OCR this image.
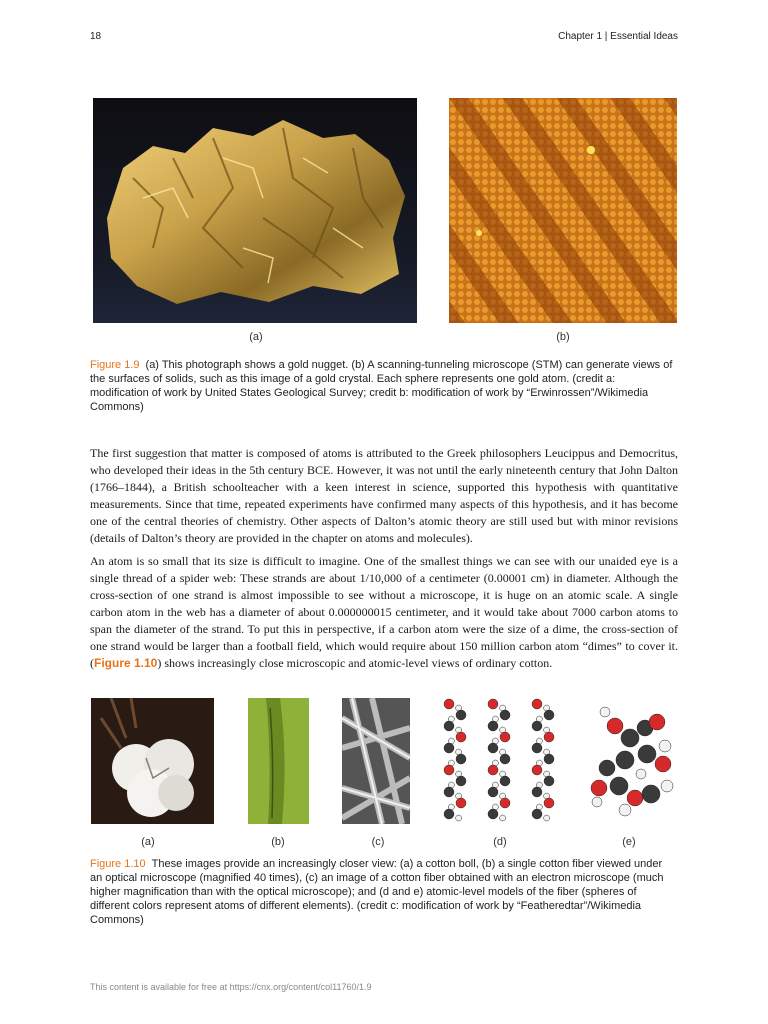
18	Chapter 1 | Essential Ideas
(a)	(b)
Figure 1.9 (a) This photograph shows a gold nugget. (b) A scanning-tunneling microscope (STM) can generate views of the surfaces of solids, such as this image of a gold crystal. Each sphere represents one gold atom. (credit a: modification of work by United States Geological Survey; credit b: modification of work by “Erwinrossen”/Wikimedia Commons)

The first suggestion that matter is composed of atoms is attributed to the Greek philosophers Leucippus and Democritus, who developed their ideas in the 5th century BCE. However, it was not until the early nineteenth century that John Dalton (1766–1844), a British schoolteacher with a keen interest in science, supported this hypothesis with quantitative measurements. Since that time, repeated experiments have confirmed many aspects of this hypothesis, and it has become one of the central theories of chemistry. Other aspects of Dalton’s atomic theory are still used but with minor revisions (details of Dalton’s theory are provided in the chapter on atoms and molecules).

An atom is so small that its size is difficult to imagine. One of the smallest things we can see with our unaided eye is a single thread of a spider web: These strands are about 1/10,000 of a centimeter (0.00001 cm) in diameter. Although the cross-section of one strand is almost impossible to see without a microscope, it is huge on an atomic scale. A single carbon atom in the web has a diameter of about 0.000000015 centimeter, and it would take about 7000 carbon atoms to span the diameter of the strand. To put this in perspective, if a carbon atom were the size of a dime, the cross-section of one strand would be larger than a football field, which would require about 150 million carbon atom “dimes” to cover it. (Figure 1.10) shows increasingly close microscopic and atomic-level views of ordinary cotton.

(a)	(b)	(c)	(d)	(e)
Figure 1.10 These images provide an increasingly closer view: (a) a cotton boll, (b) a single cotton fiber viewed under an optical microscope (magnified 40 times), (c) an image of a cotton fiber obtained with an electron microscope (much higher magnification than with the optical microscope); and (d and e) atomic-level models of the fiber (spheres of different colors represent atoms of different elements). (credit c: modification of work by “Featheredtar”/Wikimedia Commons)
This content is available for free at https://cnx.org/content/col11760/1.9
